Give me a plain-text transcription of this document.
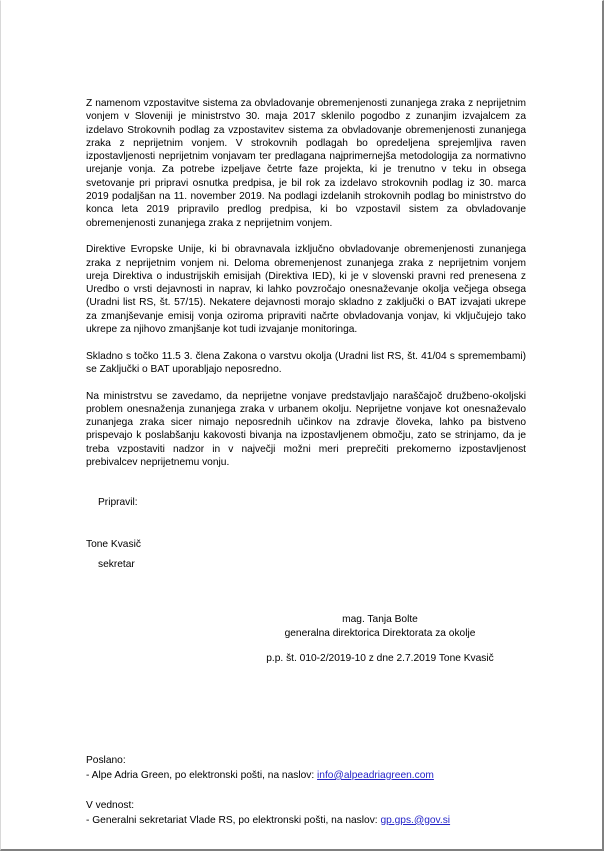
Z namenom vzpostavitve sistema za obvladovanje obremenjenosti zunanjega zraka z neprijetnim vonjem v Sloveniji je ministrstvo 30. maja 2017 sklenilo pogodbo z zunanjim izvajalcem za izdelavo Strokovnih podlag za vzpostavitev sistema za obvladovanje obremenjenosti zunanjega zraka z neprijetnim vonjem. V strokovnih podlagah bo opredeljena sprejemljiva raven izpostavljenosti neprijetnim vonjavam ter predlagana najprimernejša metodologija za normativno urejanje vonja. Za potrebe izpeljave četrte faze projekta, ki je trenutno v teku in obsega svetovanje pri pripravi osnutka predpisa, je bil rok za izdelavo strokovnih podlag iz 30. marca 2019 podaljšan na 11. november 2019. Na podlagi izdelanih strokovnih podlag bo ministrstvo do konca leta 2019 pripravilo predlog predpisa, ki bo vzpostavil sistem za obvladovanje obremenjenosti zunanjega zraka z neprijetnim vonjem.

Direktive Evropske Unije, ki bi obravnavala izključno obvladovanje obremenjenosti zunanjega zraka z neprijetnim vonjem ni. Deloma obremenjenost zunanjega zraka z neprijetnim vonjem ureja Direktiva o industrijskih emisijah (Direktiva IED), ki je v slovenski pravni red prenesena z Uredbo o vrsti dejavnosti in naprav, ki lahko povzročajo onesnaževanje okolja večjega obsega (Uradni list RS, št. 57/15). Nekatere dejavnosti morajo skladno z zaključki o BAT izvajati ukrepe za zmanjševanje emisij vonja oziroma pripraviti načrte obvladovanja vonjav, ki vključujejo tako ukrepe za njihovo zmanjšanje kot tudi izvajanje monitoringa.

Skladno s točko 11.5 3. člena Zakona o varstvu okolja (Uradni list RS, št. 41/04 s spremembami) se Zaključki o BAT uporabljajo neposredno.

Na ministrstvu se zavedamo, da neprijetne vonjave predstavljajo naraščajoč družbeno-okoljski problem onesnaženja zunanjega zraka v urbanem okolju. Neprijetne vonjave kot onesnaževalo zunanjega zraka sicer nimajo neposrednih učinkov na zdravje človeka, lahko pa bistveno prispevajo k poslabšanju kakovosti bivanja na izpostavljenem območju, zato se strinjamo, da je treba vzpostaviti nadzor in v največji možni meri preprečiti prekomerno izpostavljenost prebivalcev neprijetnemu vonju.

Pripravil:
Tone Kvasič
sekretar
mag. Tanja Bolte
generalna direktorica Direktorata za okolje
p.p. št. 010-2/2019-10 z dne 2.7.2019 Tone Kvasič
Poslano:
- Alpe Adria Green, po elektronski pošti, na naslov: info@alpeadriagreen.com
V vednost:
- Generalni sekretariat Vlade RS, po elektronski pošti, na naslov: gp.gps.@gov.si
